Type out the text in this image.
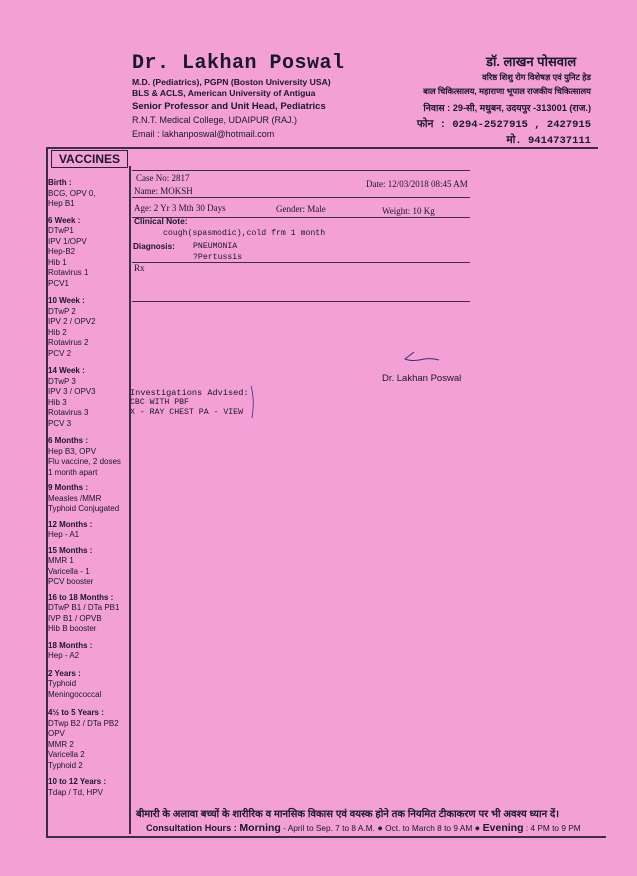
Dr. Lakhan Poswal
M.D. (Pediatrics), PGPN (Boston University USA)
BLS & ACLS, American University of Antigua
Senior Professor and Unit Head, Pediatrics
R.N.T. Medical College, UDAIPUR (RAJ.)
Email : lakhanposwal@hotmail.com
डॉ. लाखन पोसवाल
वरिष्ठ शिशु रोग विशेषज्ञ एवं युनिट हेड
बाल चिकित्सालय, महाराणा भूपाल राजकीय चिकित्सालय
निवास : 29-सी, मधुबन, उदयपुर -313001 (राज.)
फोन : 0294-2527915 , 2427915
मो. 9414737111
VACCINES
Birth :
BCG, OPV 0,
Hep B1
6 Week :
DTwP1
IPV 1/OPV
Hep-B2
Hib 1
Rotavirus 1
PCV1
10 Week :
DTwP 2
IPV 2 / OPV2
Hib 2
Rotavirus 2
PCV 2
14 Week :
DTwP 3
IPV 3 / OPV3
Hib 3
Rotavirus 3
PCV 3
6 Months :
Hep B3, OPV
Flu vaccine, 2 doses
1 month apart
9 Months :
Measles /MMR
Typhoid Conjugated
12 Months :
Hep - A1
15 Months :
MMR 1
Varicella - 1
PCV booster
16 to 18 Months :
DTwP B1 / DTa PB1
IVP B1 / OPVB
Hib B booster
18 Months :
Hep - A2
2 Years :
Typhoid
Meningococcal
4½ to 5 Years :
DTwp B2 / DTa PB2
OPV
MMR 2
Varicella 2
Typhoid 2
10 to 12 Years :
Tdap / Td, HPV
Case No: 2817
Date: 12/03/2018 08:45 AM
Name: MOKSH
Age: 2 Yr 3 Mth 30 Days	Gender: Male	Weight: 10 Kg
Clinical Note:
cough(spasmodic),cold frm 1 month
Diagnosis: PNEUMONIA
?Pertussis
Rx
Dr. Lakhan Poswal
Investigations Advised:
CBC WITH PBF
X - RAY CHEST PA - VIEW
बीमारी के अलावा बच्चों के शारीरिक व मानसिक विकास एवं वयस्क होने तक नियमित टीकाकरण पर भी अवश्य ध्यान दें।
Consultation Hours : Morning - April to Sep. 7 to 8 A.M. ● Oct. to March 8 to 9 AM ● Evening : 4 PM to 9 PM
